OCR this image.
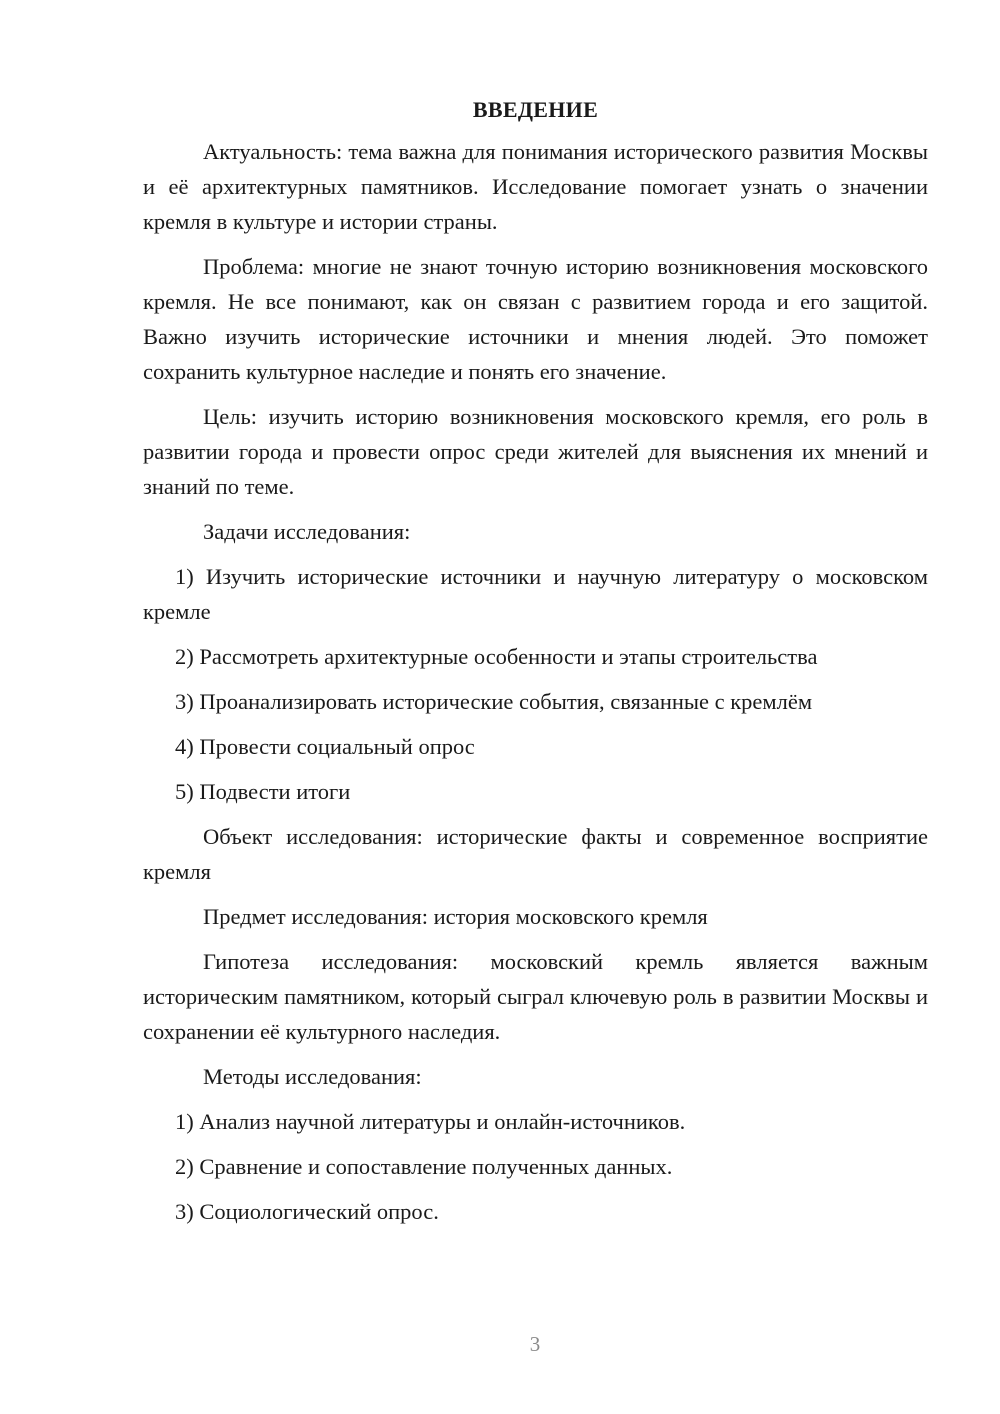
ВВЕДЕНИЕ

Актуальность: тема важна для понимания исторического развития Москвы и её архитектурных памятников. Исследование помогает узнать о значении кремля в культуре и истории страны.

Проблема: многие не знают точную историю возникновения московского кремля. Не все понимают, как он связан с развитием города и его защитой. Важно изучить исторические источники и мнения людей. Это поможет сохранить культурное наследие и понять его значение.

Цель: изучить историю возникновения московского кремля, его роль в развитии города и провести опрос среди жителей для выяснения их мнений и знаний по теме.

Задачи исследования:

1) Изучить исторические источники и научную литературу о московском кремле

2) Рассмотреть архитектурные особенности и этапы строительства

3) Проанализировать исторические события, связанные с кремлём

4) Провести социальный опрос

5) Подвести итоги

Объект исследования: исторические факты и современное восприятие кремля

Предмет исследования: история московского кремля

Гипотеза исследования: московский кремль является важным историческим памятником, который сыграл ключевую роль в развитии Москвы и сохранении её культурного наследия.

Методы исследования:

1) Анализ научной литературы и онлайн-источников.

2) Сравнение и сопоставление полученных данных.

3) Социологический опрос.

3
